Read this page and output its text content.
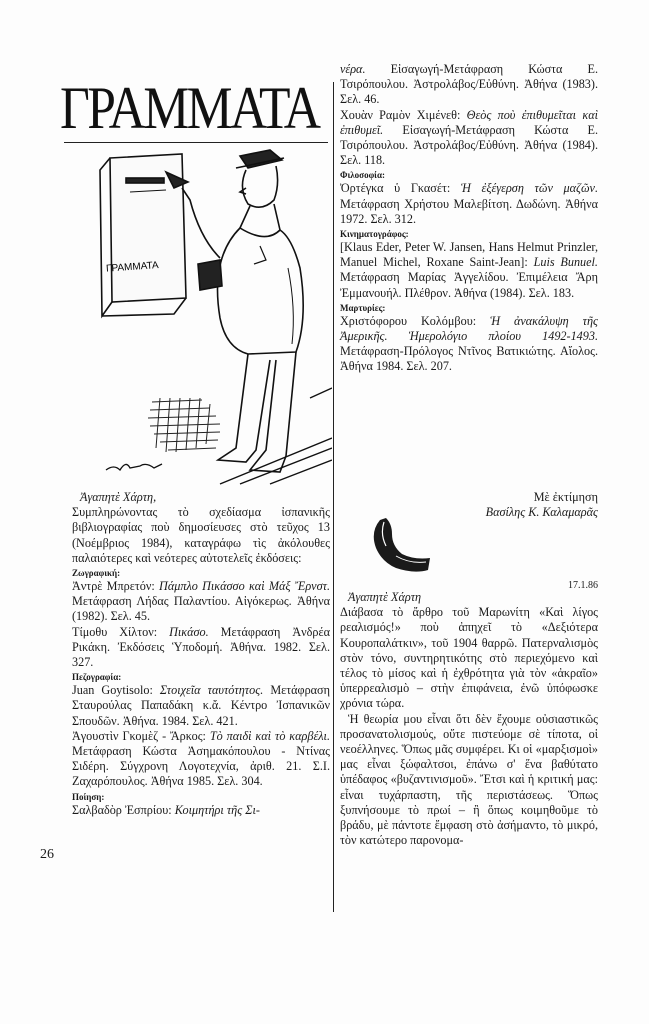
ΓΡΑΜΜΑΤΑ
ΓΡΑΜΜΑΤΑ

Ἀγαπητὲ Χάρτη,

Συμπληρώνοντας τὸ σχεδίασμα ἰσπανικῆς βιβλιογραφίας ποὺ δημοσίευσες στὸ τεῦχος 13 (Νοέμβριος 1984), καταγράφω τὶς ἀκόλουθες παλαιότερες καὶ νεότερες αὐτοτελεῖς ἐκδόσεις:

Ζωγραφική:

Ἀντρὲ Μπρετόν: Πάμπλο Πικάσσο καὶ Μάξ Ἔρνστ. Μετάφραση Λήδας Παλαντίου. Αἰγόκερως. Ἀθήνα (1982). Σελ. 45.

Τίμοθυ Χίλτον: Πικάσο. Μετάφραση Ἀνδρέα Ρικάκη. Ἐκδόσεις Ὑποδομή. Ἀθήνα. 1982. Σελ. 327.

Πεζογραφία:

Juan Goytisolo: Στοιχεῖα ταυτότητος. Μετάφραση Σταυρούλας Παπαδάκη κ.ἄ. Κέντρο Ἰσπανικῶν Σπουδῶν. Ἀθήνα. 1984. Σελ. 421.

Ἀγουστὶν Γκομὲζ - Ἄρκος: Τὸ παιδὶ καὶ τὸ καρβέλι. Μετάφραση Κώστα Ἀσημακόπουλου - Ντίνας Σιδέρη. Σύγχρονη Λογοτεχνία, ἀριθ. 21. Σ.Ι. Ζαχαρόπουλος. Ἀθήνα 1985. Σελ. 304.

Ποίηση:

Σαλβαδὸρ Ἐσπρίου: Κοιμητήρι τῆς Σι-

26

νέρα. Εἰσαγωγή-Μετάφραση Κώστα Ε. Τσιρόπουλου. Ἀστρολάβος/Εὐθύνη. Ἀθήνα (1983). Σελ. 46.

Χουὰν Ραμὸν Χιμένεθ: Θεὸς ποὺ ἐπιθυμεῖται καὶ ἐπιθυμεῖ. Εἰσαγωγή-Μετάφραση Κώστα Ε. Τσιρόπουλου. Ἀστρολάβος/Εὐθύνη. Ἀθήνα (1984). Σελ. 118.

Φιλοσοφία:

Ὀρτέγκα ὑ Γκασέτ: Ἡ ἐξέγερση τῶν μαζῶν. Μετάφραση Χρήστου Μαλεβίτση. Δωδώνη. Ἀθήνα 1972. Σελ. 312.

Κινηματογράφος:

[Klaus Eder, Peter W. Jansen, Hans Helmut Prinzler, Manuel Michel, Roxane Saint-Jean]: Luis Bunuel. Μετάφραση Μαρίας Ἀγγελίδου. Ἐπιμέλεια Ἄρη Ἐμμανουήλ. Πλέθρον. Ἀθήνα (1984). Σελ. 183.

Μαρτυρίες:

Χριστόφορου Κολόμβου: Ἡ ἀνακάλυψη τῆς Ἀμερικῆς. Ἡμερολόγιο πλοίου 1492-1493. Μετάφραση-Πρόλογος Ντῖνος Βατικιώτης. Αἴολος. Ἀθήνα 1984. Σελ. 207.

Μὲ ἐκτίμηση
Βασίλης Κ. Καλαμαρᾶς
17.1.86

Ἀγαπητὲ Χάρτη

Διάβασα τὸ ἄρθρο τοῦ Μαρωνίτη «Καὶ λίγος ρεαλισμός!» ποὺ ἀπηχεῖ τὸ «Δεξιότερα Κουροπαλάτκιν», τοῦ 1904 θαρρῶ. Πατερναλισμὸς στὸν τόνο, συντηρητικότης στὸ περιεχόμενο καὶ τέλος τὸ μίσος καὶ ἡ ἐχθρότητα γιὰ τὸν «ἀκραῖο» ὑπερρεαλισμὸ – στὴν ἐπιφάνεια, ἐνῶ ὑπόφωσκε χρόνια τώρα.

Ἡ θεωρία μου εἶναι ὅτι δὲν ἔχουμε οὐσιαστικῶς προσανατολισμούς, οὔτε πιστεύομε σὲ τίποτα, οἱ νεοέλληνες. Ὅπως μᾶς συμφέρει. Κι οἱ «μαρξισμοὶ» μας εἶναι ξώφαλτσοι, ἐπάνω σ' ἕνα βαθύτατο ὑπέδαφος «βυζαντινισμοῦ». Ἔτσι καὶ ἡ κριτική μας: εἶναι τυχάρπαστη, τῆς περιστάσεως. Ὅπως ξυπνήσουμε τὸ πρωί – ἢ ὅπως κοιμηθοῦμε τὸ βράδυ, μὲ πάντοτε ἔμφαση στὸ ἀσήμαντο, τὸ μικρό, τὸν κατώτερο παρονομα-
